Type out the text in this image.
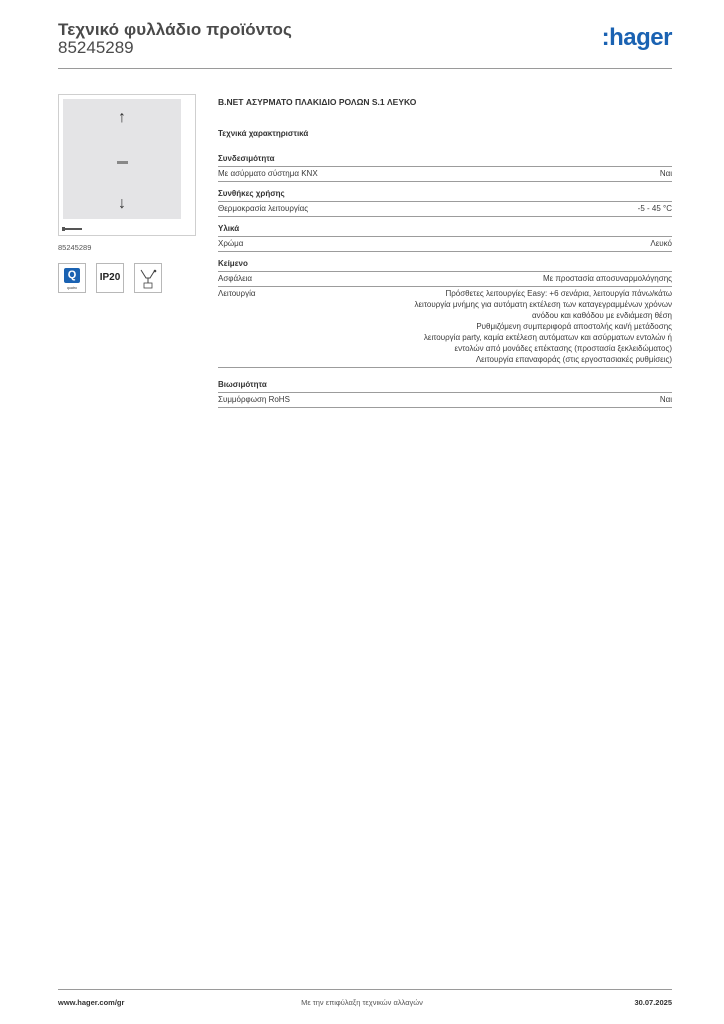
Τεχνικό φυλλάδιο προϊόντος
85245289	:hager
↑
↓
85245289
Q
quatro
IP20
B.NET ΑΣΥΡΜΑΤΟ ΠΛΑΚΙΔΙΟ ΡΟΛΩΝ S.1 ΛΕΥΚΟ
Τεχνικά χαρακτηριστικά
Συνδεσιμότητα
Με ασύρματο σύστημα KNX	Ναι
Συνθήκες χρήσης
Θερμοκρασία λειτουργίας	-5 - 45 °C
Υλικά
Χρώμα	Λευκό
Κείμενο
Ασφάλεια	Με προστασία αποσυναρμολόγησης
Λειτουργία	Πρόσθετες λειτουργίες Easy: +6 σενάρια, λειτουργία πάνω/κάτω
λειτουργία μνήμης για αυτόματη εκτέλεση των καταγεγραμμένων χρόνων
ανόδου και καθόδου με ενδιάμεση θέση
Ρυθμιζόμενη συμπεριφορά αποστολής και/ή μετάδοσης
λειτουργία party, καμία εκτέλεση αυτόματων και ασύρματων εντολών ή
εντολών από μονάδες επέκτασης (προστασία ξεκλειδώματος)
Λειτουργία επαναφοράς (στις εργοστασιακές ρυθμίσεις)
Βιωσιμότητα
Συμμόρφωση RoHS	Ναι
www.hager.com/gr	Με την επιφύλαξη τεχνικών αλλαγών	30.07.2025
